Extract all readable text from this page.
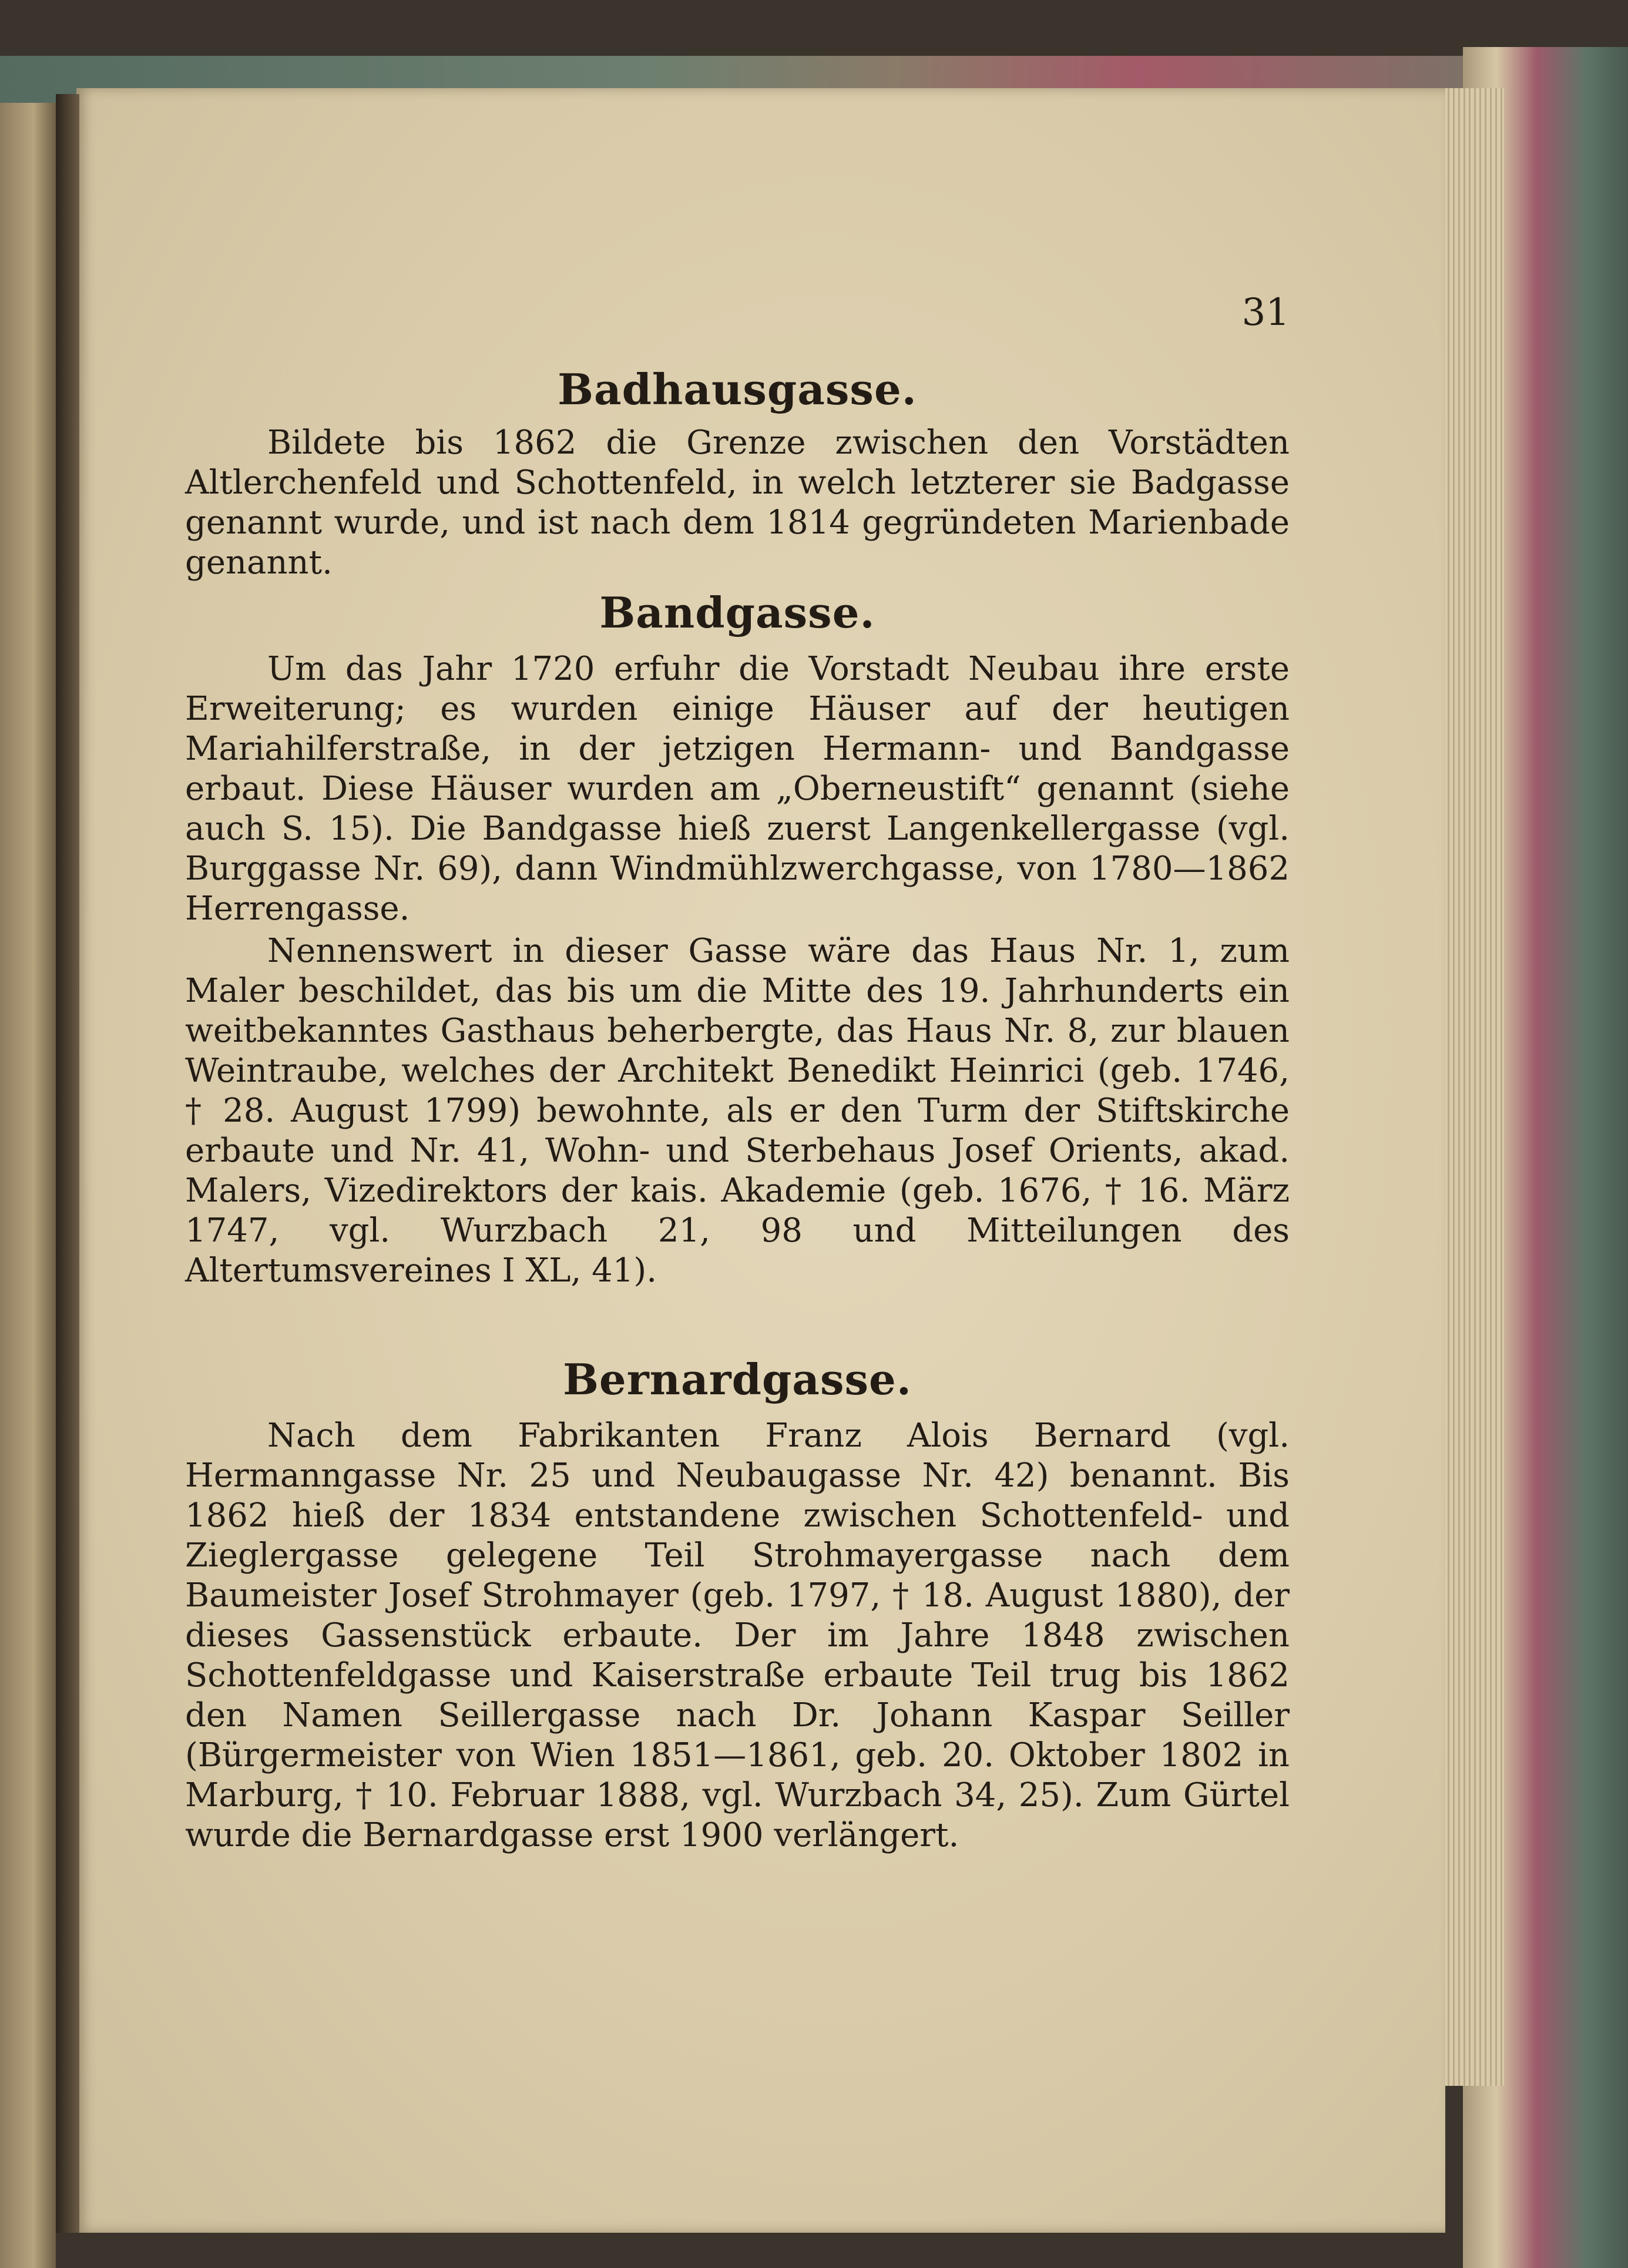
31
Badhausgasse.

Bildete bis 1862 die Grenze zwischen den Vorstädten Altlerchenfeld und Schottenfeld, in welch letzterer sie Badgasse genannt wurde, und ist nach dem 1814 gegründeten Marienbade genannt.

Bandgasse.

Um das Jahr 1720 erfuhr die Vorstadt Neubau ihre erste Erweiterung; es wurden einige Häuser auf der heutigen Mariahilferstraße, in der jetzigen Hermann- und Bandgasse erbaut. Diese Häuser wurden am „Oberneustift“ genannt (siehe auch S. 15). Die Bandgasse hieß zuerst Langenkellergasse (vgl. Burggasse Nr. 69), dann Windmühlzwerchgasse, von 1780—1862 Herrengasse.

Nennenswert in dieser Gasse wäre das Haus Nr. 1, zum Maler beschildet, das bis um die Mitte des 19. Jahrhunderts ein weitbekanntes Gasthaus beherbergte, das Haus Nr. 8, zur blauen Weintraube, welches der Architekt Benedikt Heinrici (geb. 1746, † 28. August 1799) bewohnte, als er den Turm der Stiftskirche erbaute und Nr. 41, Wohn- und Sterbehaus Josef Orients, akad. Malers, Vizedirektors der kais. Akademie (geb. 1676, † 16. März 1747, vgl. Wurzbach 21, 98 und Mitteilungen des Altertumsvereines I XL, 41).

Bernardgasse.

Nach dem Fabrikanten Franz Alois Bernard (vgl. Hermanngasse Nr. 25 und Neubaugasse Nr. 42) benannt. Bis 1862 hieß der 1834 entstandene zwischen Schottenfeld- und Zieglergasse gelegene Teil Strohmayergasse nach dem Baumeister Josef Strohmayer (geb. 1797, † 18. August 1880), der dieses Gassenstück erbaute. Der im Jahre 1848 zwischen Schottenfeldgasse und Kaiserstraße erbaute Teil trug bis 1862 den Namen Seillergasse nach Dr. Johann Kaspar Seiller (Bürgermeister von Wien 1851—1861, geb. 20. Oktober 1802 in Marburg, † 10. Februar 1888, vgl. Wurzbach 34, 25). Zum Gürtel wurde die Bernardgasse erst 1900 verlängert.
